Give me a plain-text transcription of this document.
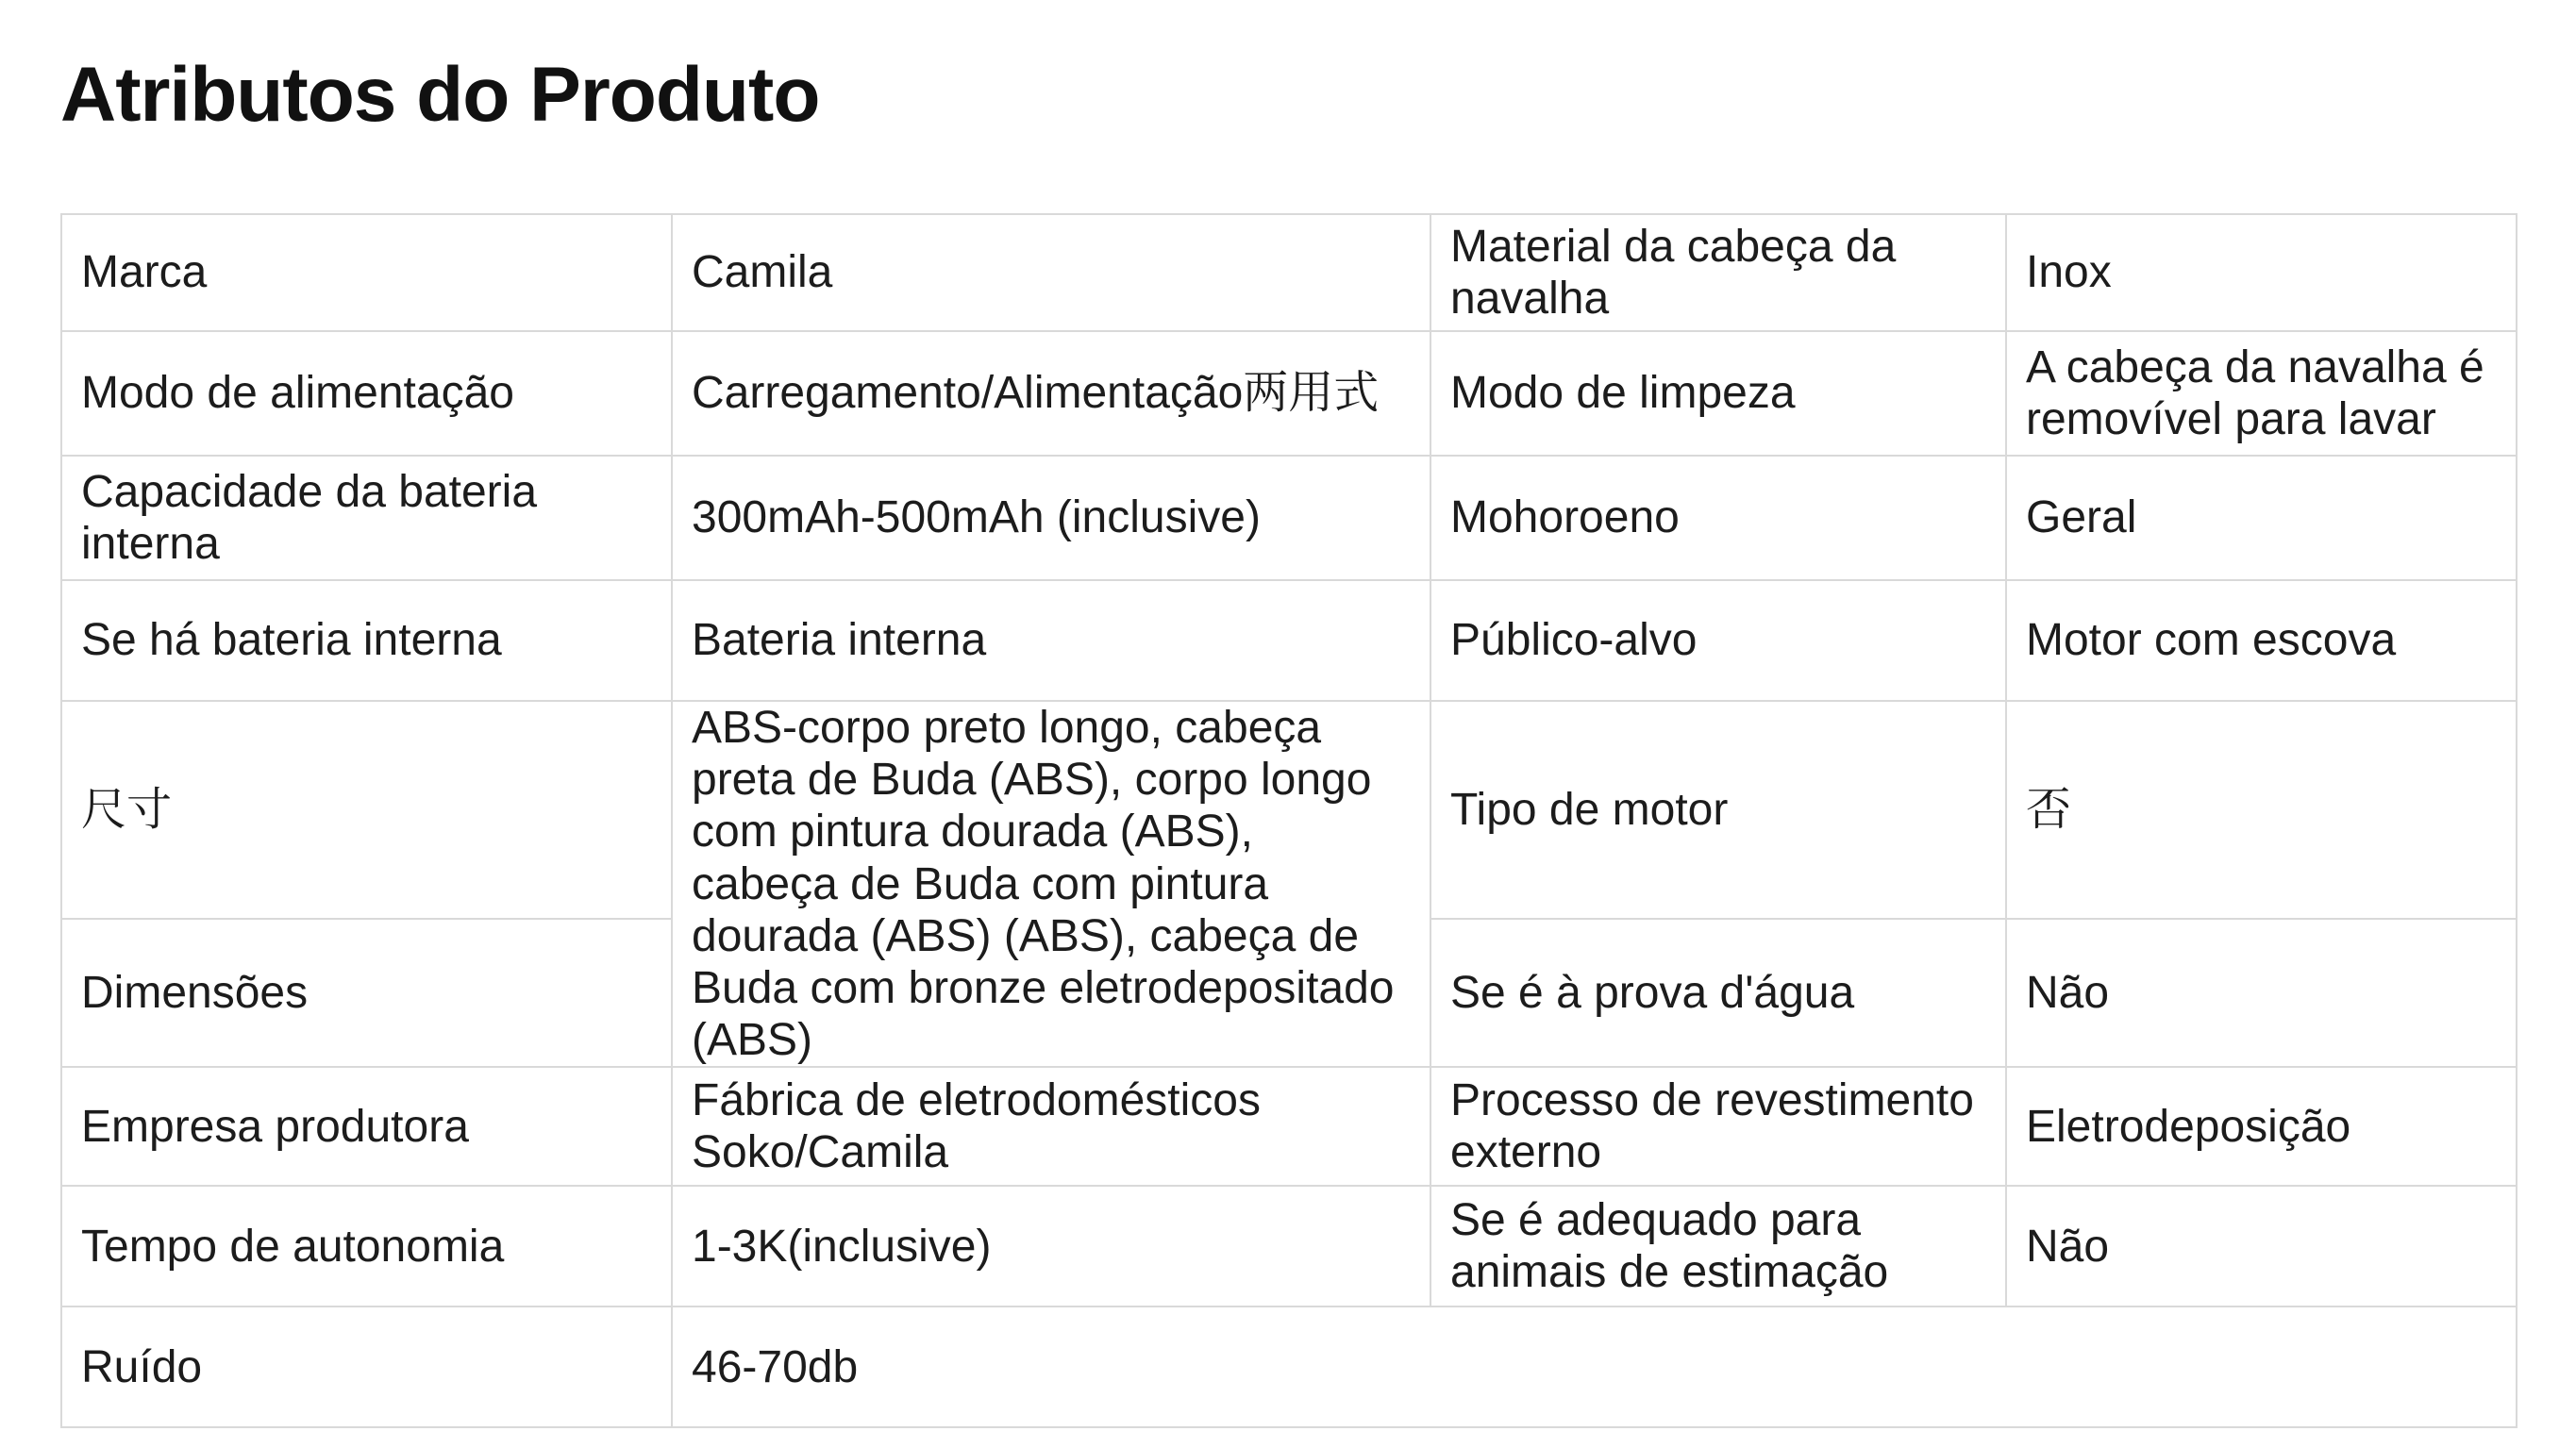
Atributos do Produto
Marca	Camila	Material da cabeça da navalha	Inox
Modo de alimentação	Carregamento/Alimentação两用式	Modo de limpeza	A cabeça da navalha é removível para lavar
Capacidade da bateria interna	300mAh-500mAh (inclusive)	Mohoroeno	Geral
Se há bateria interna	Bateria interna	Público-alvo	Motor com escova
尺寸	ABS-corpo preto longo, cabeça preta de Buda (ABS), corpo longo com pintura dourada (ABS), cabeça de Buda com pintura dourada (ABS) (ABS), cabeça de Buda com bronze eletrodepositado (ABS)	Tipo de motor	否
Dimensões		Se é à prova d'água	Não
Empresa produtora	Fábrica de eletrodomésticos Soko/Camila	Processo de revestimento externo	Eletrodeposição
Tempo de autonomia	1-3K(inclusive)	Se é adequado para animais de estimação	Não
Ruído	46-70db		
